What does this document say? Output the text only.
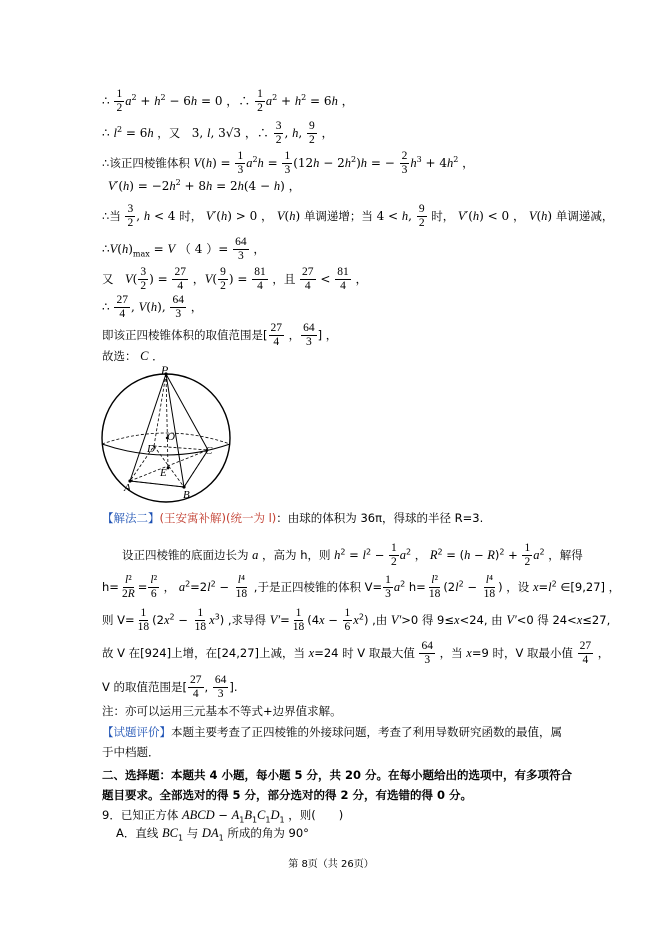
∴ $\frac{1}{2} a^2 + h^2 - 6h = 0$ ，∴ $\frac{1}{2} a^2 + h^2 = 6h$ ，
∴ $l^2 = 6h$ ，又　3, l, 3√3 ，∴ $\frac{3}{2}$ , h, $\frac{9}{2}$ ，
∴该正四棱锥体积 $V(h) = \frac{1}{3} a^2h = \frac{1}{3} (12h - 2h^2)h$ = − $\frac{2}{3} h^3 + 4h^2$ ，
$V'(h) = -2h^2 + 8h = 2h(4 - h)$ ，
∴当 $\frac{3}{2}$ , h < 4 时， V′(h) > 0 ， V(h) 单调递增；当 4 < h, $\frac{9}{2}$ 时， V′(h) < 0 ， V(h) 单调递减，
$\therefore V(h)_{max} = V$ （ 4 ）= $\frac{64}{3}$ ，
又　$V( \frac{3}{2}$ ) = $\frac{27}{4}$ ，$V( \frac{9}{2}$ ) = $\frac{81}{4}$ ，且 $\frac{27}{4} < \frac{81}{4}$ ，
∴ $\frac{27}{4}$ , V(h), $\frac{64}{3}$ ，
即该正四棱锥体积的取值范围是[ $\frac{27}{4}$ ， $\frac{64}{3}$ ] ，
故选： C ．
P
O
D	C
E
A
B
【解法二】(王安寓补解)(统一为 l)：由球的体积为 36π，得球的半径 R=3.
设正四棱锥的底面边长为 a ，高为 h，则 $h^2 = l^2 - \frac{1}{2} a^2$ ， $R^2 = (h - R)^2 + \frac{1}{2} a^2$ ，解得
$h= \frac{\text{l²}}{2R} = \frac{\text{l²}}{6}$ ， $a^2=2l^2 - \frac{\text{l⁴}}{18}$ ,于是正四棱锥的体积 $V= \frac{1}{3} a^2$ $h= \frac{\text{l²}}{18} (2l^2 - \frac{\text{l⁴}}{18}$ ) ，设 $x=l^2$ ∈[9,27] ，
则 $V= \frac{1}{18} (2x^2 - \frac{1}{18} x^3)$ ,求导得 $V'= \frac{1}{18} (4x - \frac{1}{6} x^2)$ ,由 V′>0 得 9≤x<24, 由 V′<0 得 24<x≤27,
故 V 在[924]上增，在[24,27]上减，当 x=24 时 V 取最大值 $\frac{64}{3}$ ，当 x=9 时，V 取最小值 $\frac{27}{4}$ ，
V 的取值范围是[ $\frac{27}{4}$ , $\frac{64}{3}$ ].
注：亦可以运用三元基本不等式+边界值求解。
【试题评价】本题主要考查了正四棱锥的外接球问题，考查了利用导数研究函数的最值，属
于中档题．
二、选择题：本题共 4 小题，每小题 5 分，共 20 分。在每小题给出的选项中，有多项符合
题目要求。全部选对的得 5 分，部分选对的得 2 分，有选错的得 0 分。
9．已知正方体 ABCD − $A_1B_1C_1D_1$ ，则(　　)
A．直线 $BC_1$ 与 $DA_1$ 所成的角为 90°
第 8页（共 26页）
